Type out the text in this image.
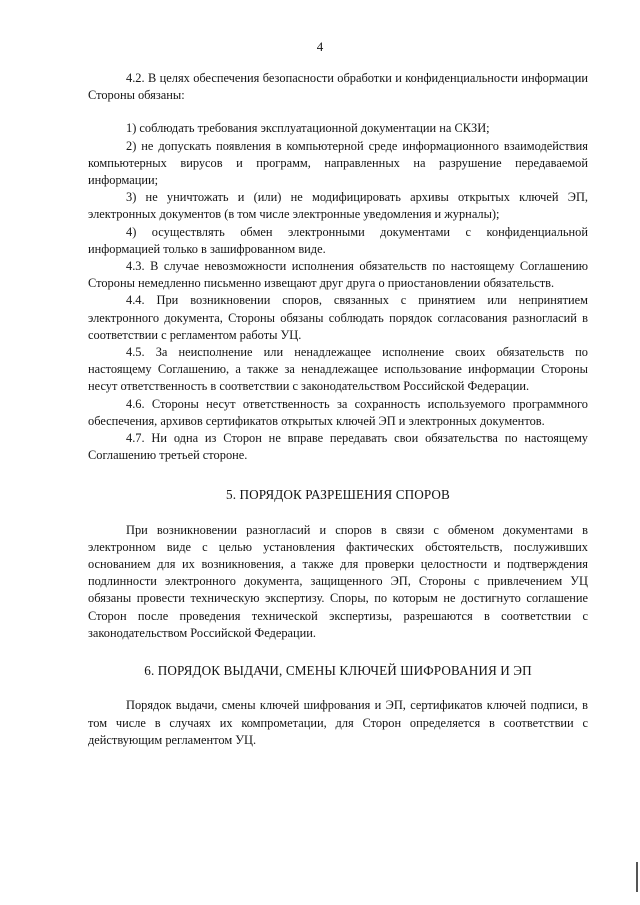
4

4.2. В целях обеспечения безопасности обработки и конфиденциальности информации Стороны обязаны:

1) соблюдать требования эксплуатационной документации на СКЗИ;

2) не допускать появления в компьютерной среде информационного взаимодействия компьютерных вирусов и программ, направленных на разрушение передаваемой информации;

3) не уничтожать и (или) не модифицировать архивы открытых ключей ЭП, электронных документов (в том числе электронные уведомления и журналы);

4) осуществлять обмен электронными документами с конфиденциальной информацией только в зашифрованном виде.

4.3. В случае невозможности исполнения обязательств по настоящему Соглашению Стороны немедленно письменно извещают друг друга о приостановлении обязательств.

4.4. При возникновении споров, связанных с принятием или непринятием электронного документа, Стороны обязаны соблюдать порядок согласования разногласий в соответствии с регламентом работы УЦ.

4.5. За неисполнение или ненадлежащее исполнение своих обязательств по настоящему Соглашению, а также за ненадлежащее использование информации Стороны несут ответственность в соответствии с законодательством Российской Федерации.

4.6. Стороны несут ответственность за сохранность используемого программного обеспечения, архивов сертификатов открытых ключей ЭП и электронных документов.

4.7. Ни одна из Сторон не вправе передавать свои обязательства по настоящему Соглашению третьей стороне.

5. ПОРЯДОК РАЗРЕШЕНИЯ СПОРОВ

При возникновении разногласий и споров в связи с обменом документами в электронном виде с целью установления фактических обстоятельств, послуживших основанием для их возникновения, а также для проверки целостности и подтверждения подлинности электронного документа, защищенного ЭП, Стороны с привлечением УЦ обязаны провести техническую экспертизу. Споры, по которым не достигнуто соглашение Сторон после проведения технической экспертизы, разрешаются в соответствии с законодательством Российской Федерации.

6. ПОРЯДОК ВЫДАЧИ, СМЕНЫ КЛЮЧЕЙ ШИФРОВАНИЯ И ЭП

Порядок выдачи, смены ключей шифрования и ЭП, сертификатов ключей подписи, в том числе в случаях их компрометации, для Сторон определяется в соответствии с действующим регламентом УЦ.
